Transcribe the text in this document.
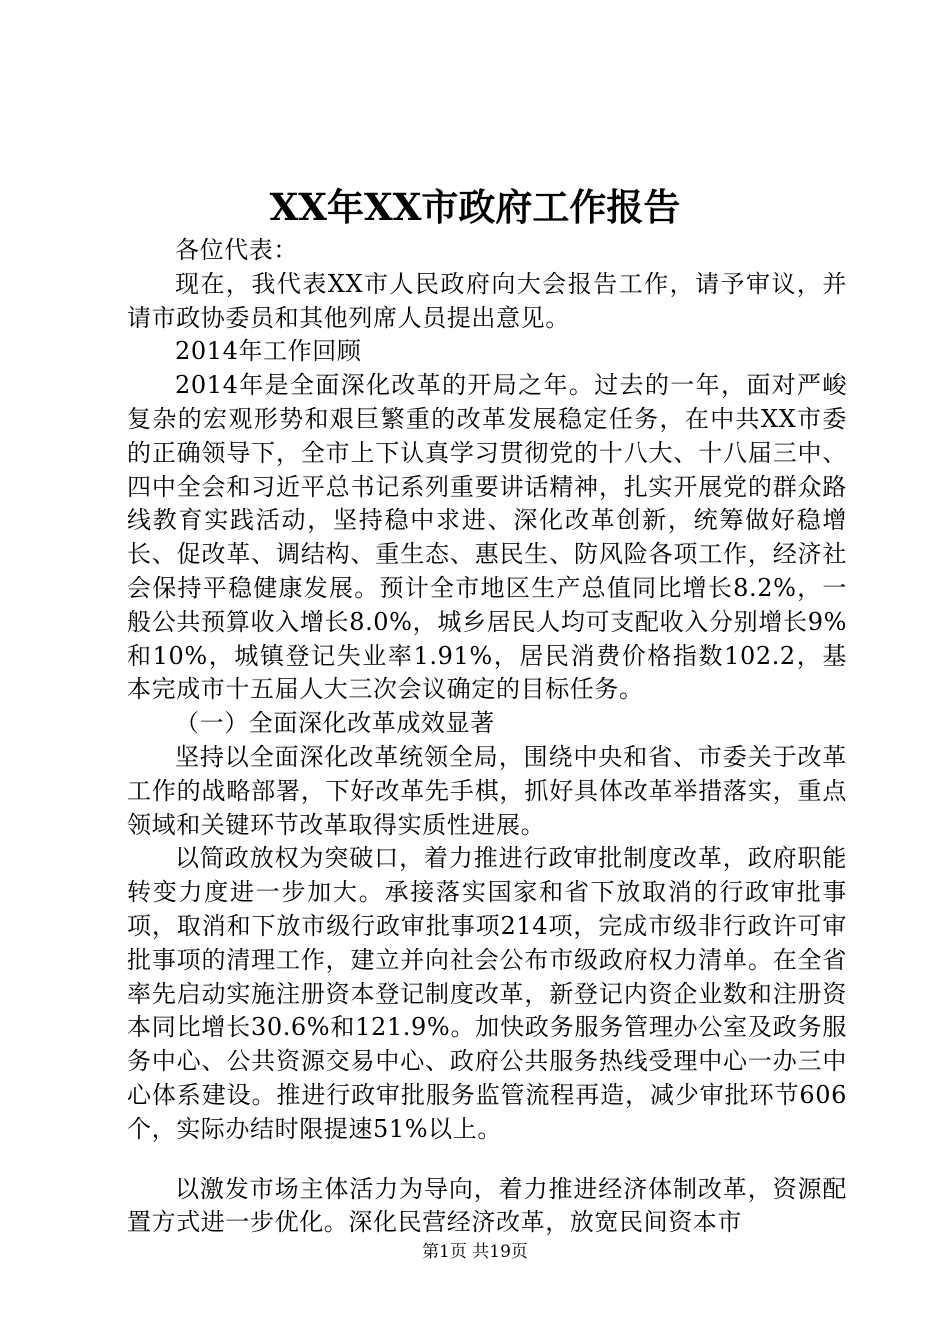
XX年XX市政府工作报告

各位代表：

现在，我代表XX市人民政府向大会报告工作，请予审议，并请市政协委员和其他列席人员提出意见。

2014年工作回顾

2014年是全面深化改革的开局之年。过去的一年，面对严峻复杂的宏观形势和艰巨繁重的改革发展稳定任务，在中共XX市委的正确领导下，全市上下认真学习贯彻党的十八大、十八届三中、四中全会和习近平总书记系列重要讲话精神，扎实开展党的群众路线教育实践活动，坚持稳中求进、深化改革创新，统筹做好稳增长、促改革、调结构、重生态、惠民生、防风险各项工作，经济社会保持平稳健康发展。预计全市地区生产总值同比增长8.2%，一般公共预算收入增长8.0%，城乡居民人均可支配收入分别增长9%和10%，城镇登记失业率1.91%，居民消费价格指数102.2，基本完成市十五届人大三次会议确定的目标任务。

（一）全面深化改革成效显著

坚持以全面深化改革统领全局，围绕中央和省、市委关于改革工作的战略部署，下好改革先手棋，抓好具体改革举措落实，重点领域和关键环节改革取得实质性进展。

以简政放权为突破口，着力推进行政审批制度改革，政府职能转变力度进一步加大。承接落实国家和省下放取消的行政审批事项，取消和下放市级行政审批事项214项，完成市级非行政许可审批事项的清理工作，建立并向社会公布市级政府权力清单。在全省率先启动实施注册资本登记制度改革，新登记内资企业数和注册资本同比增长30.6%和121.9%。加快政务服务管理办公室及政务服务中心、公共资源交易中心、政府公共服务热线受理中心一办三中心体系建设。推进行政审批服务监管流程再造，减少审批环节606个，实际办结时限提速51%以上。

以激发市场主体活力为导向，着力推进经济体制改革，资源配置方式进一步优化。深化民营经济改革，放宽民间资本市

第1页 共19页
